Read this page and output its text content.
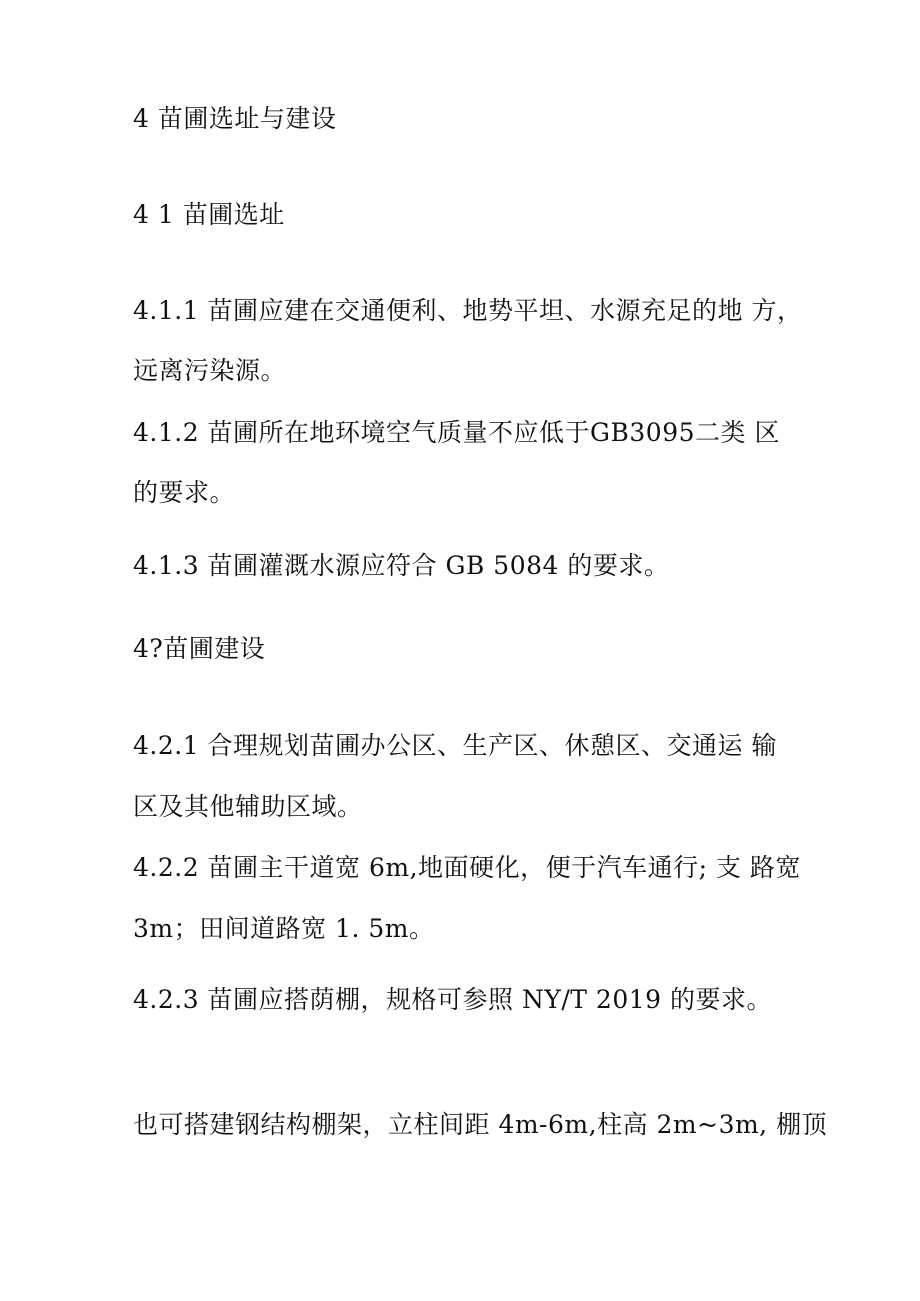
4 苗圃选址与建设
4 1 苗圃选址
4.1.1 苗圃应建在交通便利、地势平坦、水源充足的地 方，
远离污染源。
4.1.2 苗圃所在地环境空气质量不应低于GB3095二类 区
的要求。
4.1.3 苗圃灌溉水源应符合 GB 5084 的要求。
4?苗圃建设
4.2.1 合理规划苗圃办公区、生产区、休憩区、交通运 输
区及其他辅助区域。
4.2.2 苗圃主干道宽 6m,地面硬化，便于汽车通行; 支 路宽
3m；田间道路宽 1. 5m。
4.2.3 苗圃应搭荫棚，规格可参照 NY/T 2019 的要求。
也可搭建钢结构棚架，立柱间距 4m-6m,柱高 2m~3m, 棚顶
